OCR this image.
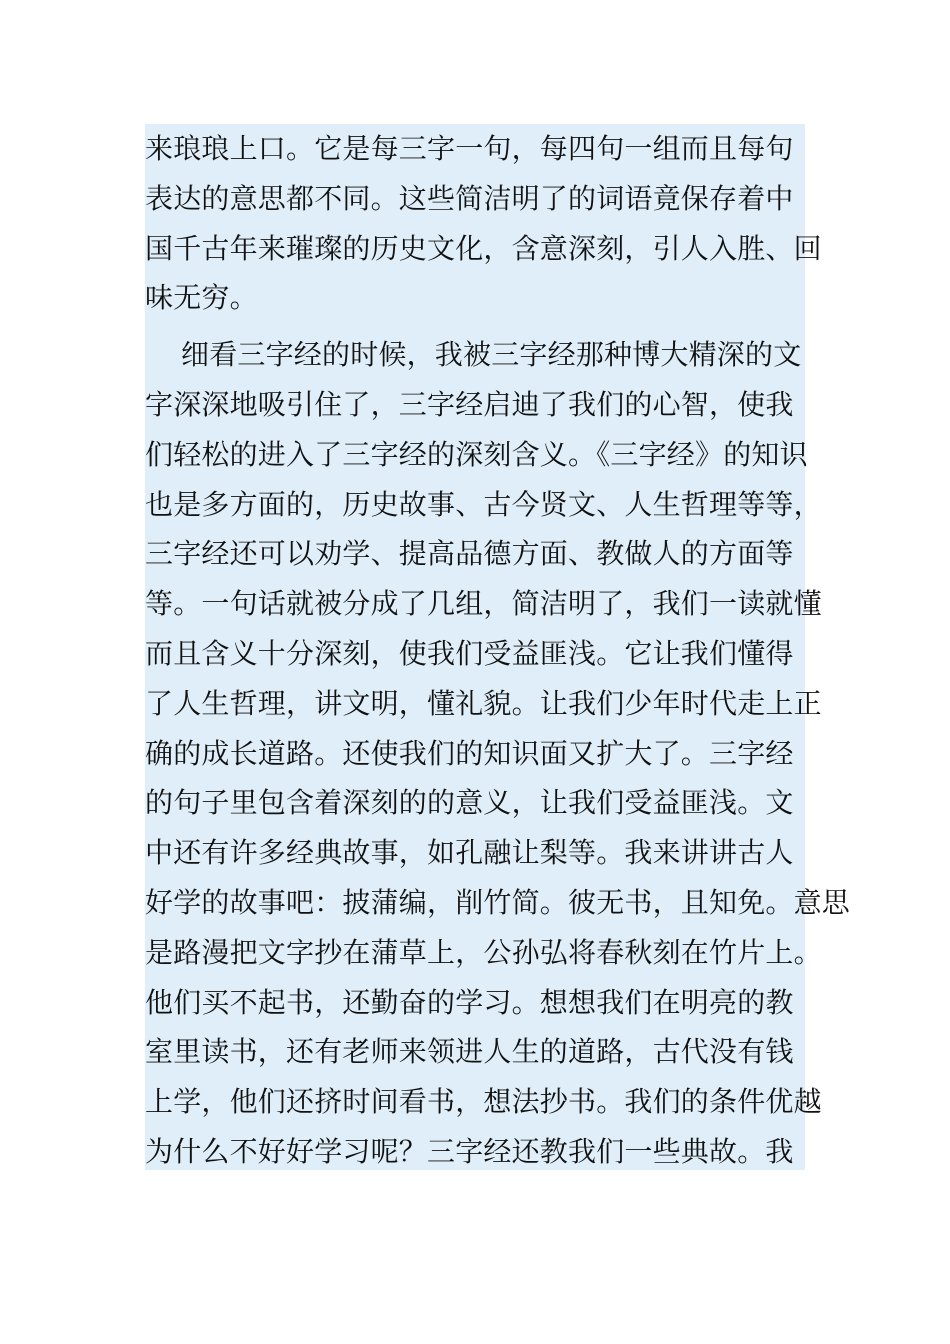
来琅琅上口。它是每三字一句，每四句一组而且每句
表达的意思都不同。这些简洁明了的词语竟保存着中
国千古年来璀璨的历史文化，含意深刻，引人入胜、回
味无穷。
细看三字经的时候，我被三字经那种博大精深的文
字深深地吸引住了，三字经启迪了我们的心智，使我
们轻松的进入了三字经的深刻含义。《三字经》的知识
也是多方面的，历史故事、古今贤文、人生哲理等等，
三字经还可以劝学、提高品德方面、教做人的方面等
等。一句话就被分成了几组，简洁明了，我们一读就懂
而且含义十分深刻，使我们受益匪浅。它让我们懂得
了人生哲理，讲文明，懂礼貌。让我们少年时代走上正
确的成长道路。还使我们的知识面又扩大了。三字经
的句子里包含着深刻的的意义，让我们受益匪浅。文
中还有许多经典故事，如孔融让梨等。我来讲讲古人
好学的故事吧：披蒲编，削竹简。彼无书，且知免。意思
是路漫把文字抄在蒲草上，公孙弘将春秋刻在竹片上。
他们买不起书，还勤奋的学习。想想我们在明亮的教
室里读书，还有老师来领进人生的道路，古代没有钱
上学，他们还挤时间看书，想法抄书。我们的条件优越
为什么不好好学习呢？三字经还教我们一些典故。我
